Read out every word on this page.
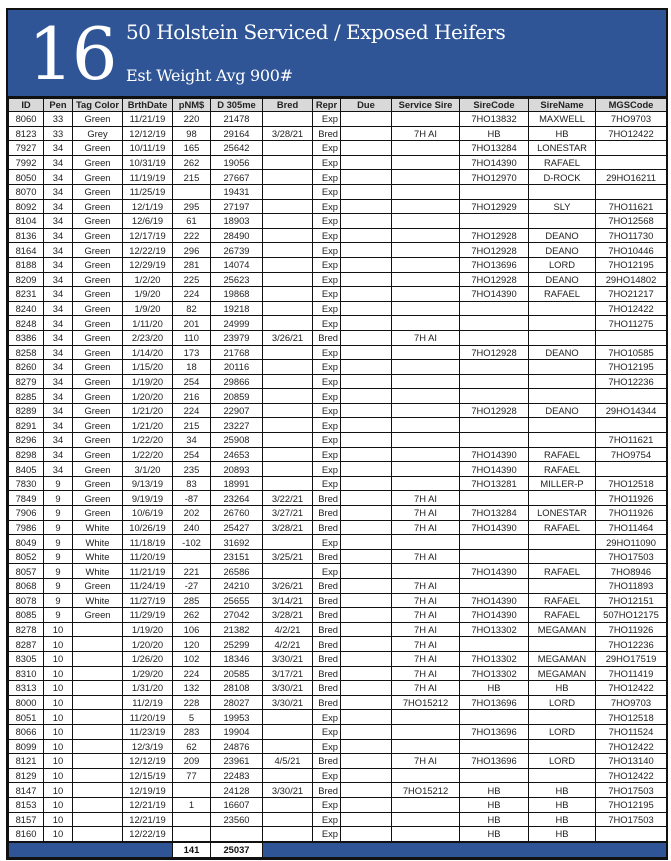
16 50 Holstein Serviced / Exposed Heifers
Est Weight Avg 900#
ID	Pen	Tag Color	BrthDate	pNM$	D 305me	Bred	Repr	Due	Service Sire	SireCode	SireName	MGSCode
8060	33	Green	11/21/19	220	21478		Exp			7HO13832	MAXWELL	7HO9703
8123	33	Grey	12/12/19	98	29164	3/28/21	Bred		7H AI	HB	HB	7HO12422
7927	34	Green	10/11/19	165	25642		Exp			7HO13284	LONESTAR	
7992	34	Green	10/31/19	262	19056		Exp			7HO14390	RAFAEL	
8050	34	Green	11/19/19	215	27667		Exp			7HO12970	D-ROCK	29HO16211
8070	34	Green	11/25/19		19431		Exp					
8092	34	Green	12/1/19	295	27197		Exp			7HO12929	SLY	7HO11621
8104	34	Green	12/6/19	61	18903		Exp					7HO12568
8136	34	Green	12/17/19	222	28490		Exp			7HO12928	DEANO	7HO11730
8164	34	Green	12/22/19	296	26739		Exp			7HO12928	DEANO	7HO10446
8188	34	Green	12/29/19	281	14074		Exp			7HO13696	LORD	7HO12195
8209	34	Green	1/2/20	225	25623		Exp			7HO12928	DEANO	29HO14802
8231	34	Green	1/9/20	224	19868		Exp			7HO14390	RAFAEL	7HO21217
8240	34	Green	1/9/20	82	19218		Exp					7HO12422
8248	34	Green	1/11/20	201	24999		Exp					7HO11275
8386	34	Green	2/23/20	110	23979	3/26/21	Bred		7H AI			
8258	34	Green	1/14/20	173	21768		Exp			7HO12928	DEANO	7HO10585
8260	34	Green	1/15/20	18	20116		Exp					7HO12195
8279	34	Green	1/19/20	254	29866		Exp					7HO12236
8285	34	Green	1/20/20	216	20859		Exp					
8289	34	Green	1/21/20	224	22907		Exp			7HO12928	DEANO	29HO14344
8291	34	Green	1/21/20	215	23227		Exp					
8296	34	Green	1/22/20	34	25908		Exp					7HO11621
8298	34	Green	1/22/20	254	24653		Exp			7HO14390	RAFAEL	7HO9754
8405	34	Green	3/1/20	235	20893		Exp			7HO14390	RAFAEL	
7830	9	Green	9/13/19	83	18991		Exp			7HO13281	MILLER-P	7HO12518
7849	9	Green	9/19/19	-87	23264	3/22/21	Bred		7H AI			7HO11926
7906	9	Green	10/6/19	202	26760	3/27/21	Bred		7H AI	7HO13284	LONESTAR	7HO11926
7986	9	White	10/26/19	240	25427	3/28/21	Bred		7H AI	7HO14390	RAFAEL	7HO11464
8049	9	White	11/18/19	-102	31692		Exp					29HO11090
8052	9	White	11/20/19		23151	3/25/21	Bred		7H AI			7HO17503
8057	9	White	11/21/19	221	26586		Exp			7HO14390	RAFAEL	7HO8946
8068	9	Green	11/24/19	-27	24210	3/26/21	Bred		7H AI			7HO11893
8078	9	White	11/27/19	285	25655	3/14/21	Bred		7H AI	7HO14390	RAFAEL	7HO12151
8085	9	Green	11/29/19	262	27042	3/28/21	Bred		7H AI	7HO14390	RAFAEL	507HO12175
8278	10		1/19/20	106	21382	4/2/21	Bred		7H AI	7HO13302	MEGAMAN	7HO11926
8287	10		1/20/20	120	25299	4/2/21	Bred		7H AI			7HO12236
8305	10		1/26/20	102	18346	3/30/21	Bred		7H AI	7HO13302	MEGAMAN	29HO17519
8310	10		1/29/20	224	20585	3/17/21	Bred		7H AI	7HO13302	MEGAMAN	7HO11419
8313	10		1/31/20	132	28108	3/30/21	Bred		7H AI	HB	HB	7HO12422
8000	10		11/2/19	228	28027	3/30/21	Bred		7HO15212	7HO13696	LORD	7HO9703
8051	10		11/20/19	5	19953		Exp					7HO12518
8066	10		11/23/19	283	19904		Exp			7HO13696	LORD	7HO11524
8099	10		12/3/19	62	24876		Exp					7HO12422
8121	10		12/12/19	209	23961	4/5/21	Bred		7H AI	7HO13696	LORD	7HO13140
8129	10		12/15/19	77	22483		Exp					7HO12422
8147	10		12/19/19		24128	3/30/21	Bred		7HO15212	HB	HB	7HO17503
8153	10		12/21/19	1	16607		Exp			HB	HB	7HO12195
8157	10		12/21/19		23560		Exp			HB	HB	7HO17503
8160	10		12/22/19				Exp			HB	HB	
				141	25037							
